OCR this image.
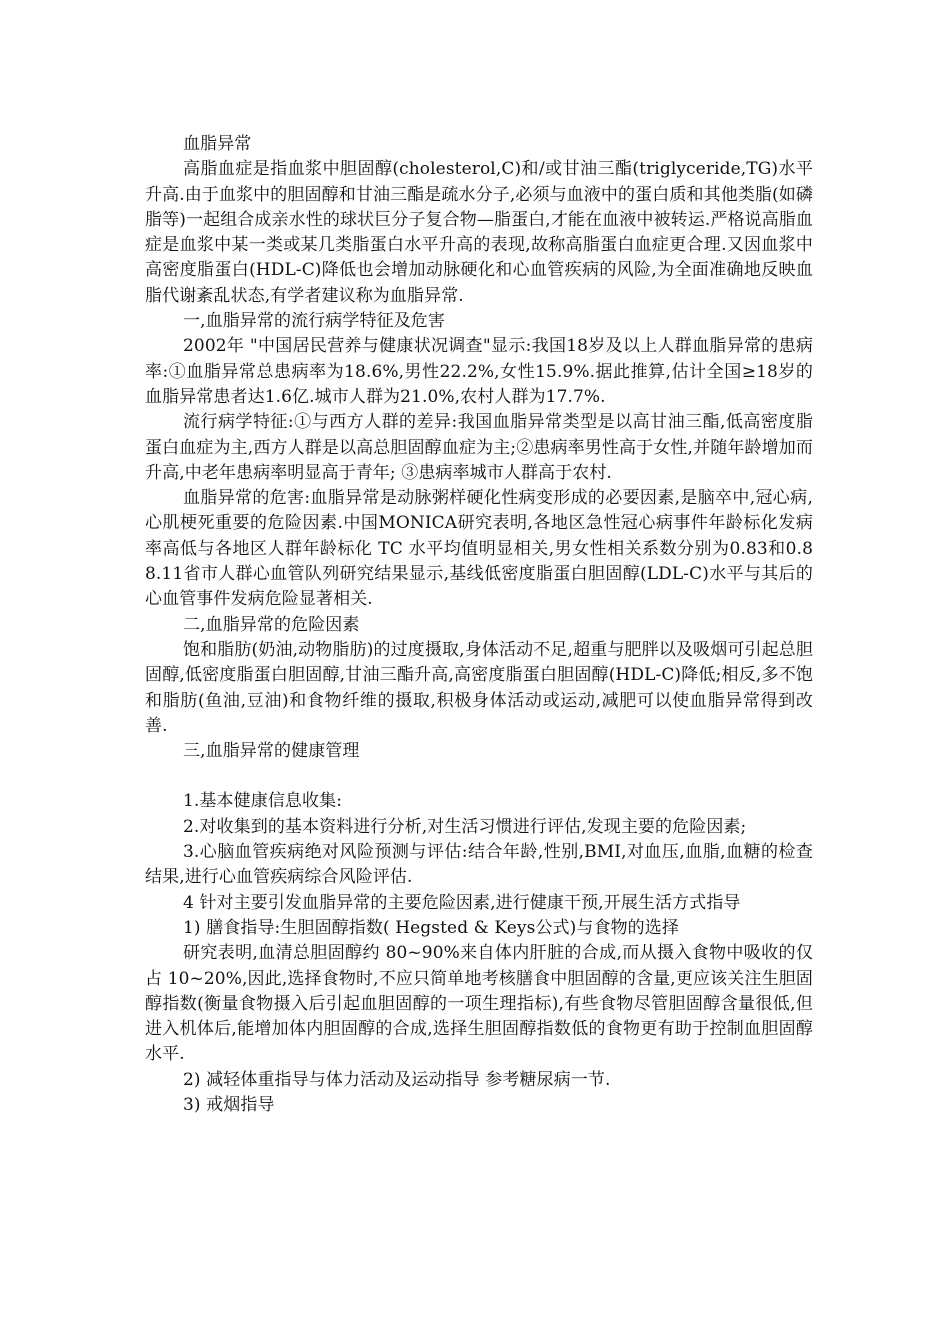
血脂异常

高脂血症是指血浆中胆固醇(cholesterol,C)和/或甘油三酯(triglyceride,TG)水平升高.由于血浆中的胆固醇和甘油三酯是疏水分子,必须与血液中的蛋白质和其他类脂(如磷脂等)一起组合成亲水性的球状巨分子复合物—脂蛋白,才能在血液中被转运.严格说高脂血症是血浆中某一类或某几类脂蛋白水平升高的表现,故称高脂蛋白血症更合理.又因血浆中高密度脂蛋白(HDL-C)降低也会增加动脉硬化和心血管疾病的风险,为全面准确地反映血脂代谢紊乱状态,有学者建议称为血脂异常.

一,血脂异常的流行病学特征及危害

2002年 "中国居民营养与健康状况调查"显示:我国18岁及以上人群血脂异常的患病率:①血脂异常总患病率为18.6%,男性22.2%,女性15.9%.据此推算,估计全国≥18岁的血脂异常患者达1.6亿.城市人群为21.0%,农村人群为17.7%.

流行病学特征:①与西方人群的差异:我国血脂异常类型是以高甘油三酯,低高密度脂蛋白血症为主,西方人群是以高总胆固醇血症为主;②患病率男性高于女性,并随年龄增加而升高,中老年患病率明显高于青年; ③患病率城市人群高于农村.

血脂异常的危害:血脂异常是动脉粥样硬化性病变形成的必要因素,是脑卒中,冠心病,心肌梗死重要的危险因素.中国MONICA研究表明,各地区急性冠心病事件年龄标化发病率高低与各地区人群年龄标化 TC 水平均值明显相关,男女性相关系数分别为0.83和0.88.11省市人群心血管队列研究结果显示,基线低密度脂蛋白胆固醇(LDL-C)水平与其后的心血管事件发病危险显著相关.

二,血脂异常的危险因素

饱和脂肪(奶油,动物脂肪)的过度摄取,身体活动不足,超重与肥胖以及吸烟可引起总胆固醇,低密度脂蛋白胆固醇,甘油三酯升高,高密度脂蛋白胆固醇(HDL-C)降低;相反,多不饱和脂肪(鱼油,豆油)和食物纤维的摄取,积极身体活动或运动,减肥可以使血脂异常得到改善.

三,血脂异常的健康管理

1.基本健康信息收集:

2.对收集到的基本资料进行分析,对生活习惯进行评估,发现主要的危险因素;

3.心脑血管疾病绝对风险预测与评估:结合年龄,性别,BMI,对血压,血脂,血糖的检查结果,进行心血管疾病综合风险评估.

4 针对主要引发血脂异常的主要危险因素,进行健康干预,开展生活方式指导

1) 膳食指导:生胆固醇指数( Hegsted & Keys公式)与食物的选择

研究表明,血清总胆固醇约 80~90%来自体内肝脏的合成,而从摄入食物中吸收的仅占 10~20%,因此,选择食物时,不应只简单地考核膳食中胆固醇的含量,更应该关注生胆固醇指数(衡量食物摄入后引起血胆固醇的一项生理指标),有些食物尽管胆固醇含量很低,但进入机体后,能增加体内胆固醇的合成,选择生胆固醇指数低的食物更有助于控制血胆固醇水平.

2) 减轻体重指导与体力活动及运动指导 参考糖尿病一节.

3) 戒烟指导
